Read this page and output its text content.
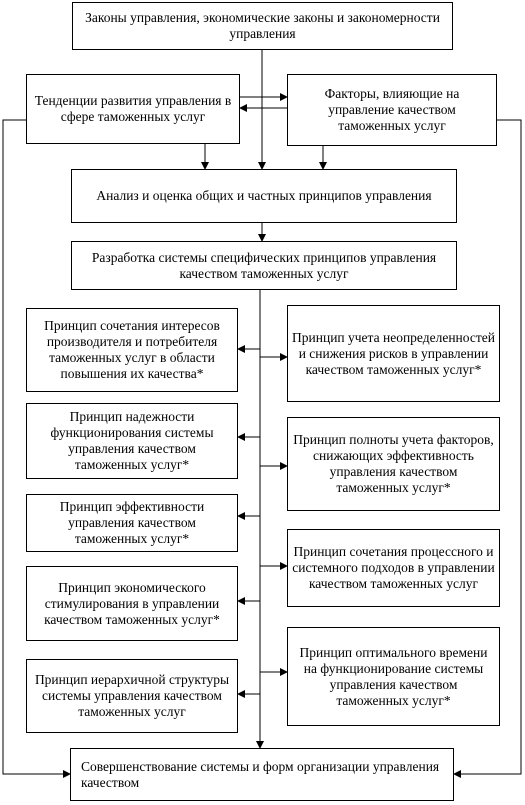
Законы управления, экономические законы и закономерности управления
Тенденции развития управления в сфере таможенных услуг
Факторы, влияющие на управление качеством таможенных услуг
Анализ и оценка общих и частных принципов управления
Разработка системы специфических принципов управления качеством таможенных услуг
Принцип сочетания интересов производителя и потребителя таможенных услуг в области повышения их качества*
Принцип надежности функционирования системы управления качеством таможенных услуг*
Принцип эффективности управления качеством таможенных услуг*
Принцип экономического стимулирования в управлении качеством таможенных услуг*
Принцип иерархичной структуры системы управления качеством таможенных услуг
Принцип учета неопределенностей и снижения рисков в управлении качеством таможенных услуг*
Принцип полноты учета факторов, снижающих эффективность управления качеством таможенных услуг*
Принцип сочетания процессного и системного подходов в управлении качеством таможенных услуг
Принцип оптимального времени на функционирование системы управления качеством таможенных услуг*
Совершенствование системы и форм организации управления качеством
